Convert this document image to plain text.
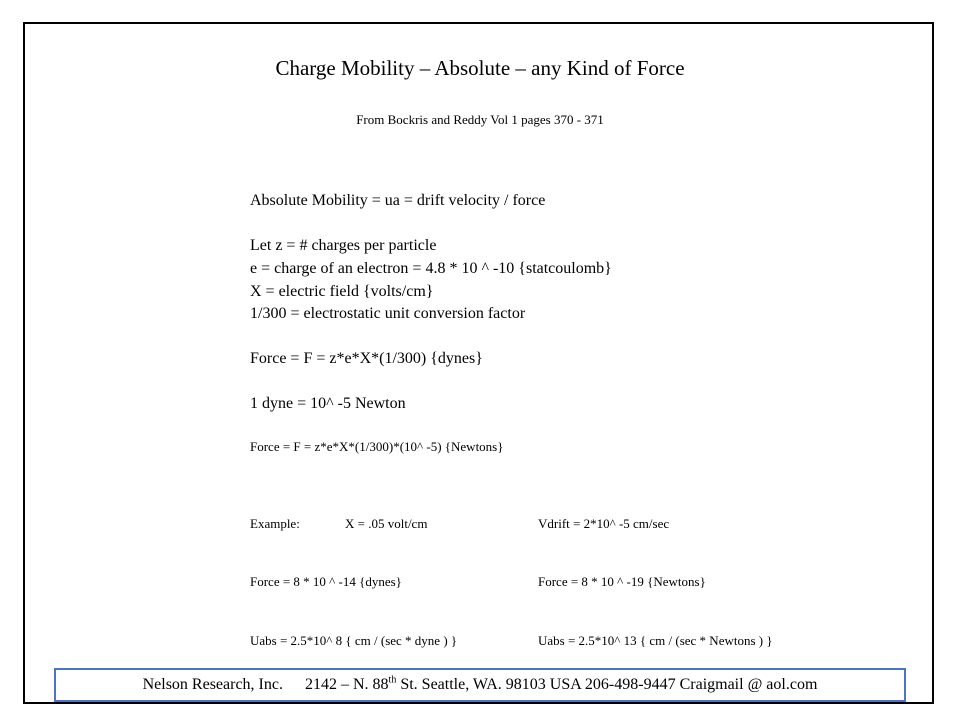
Charge Mobility – Absolute – any Kind of Force
From Bockris and Reddy Vol 1 pages 370 - 371
Absolute Mobility = ua = drift velocity / force
Let z = # charges per particle
e = charge of an electron = 4.8 * 10 ^ -10 {statcoulomb}
X = electric field {volts/cm}
1/300 = electrostatic unit conversion factor
Force = F = z*e*X*(1/300) {dynes}
1 dyne = 10^ -5 Newton
Force = F = z*e*X*(1/300)*(10^ -5) {Newtons}
Example:	X = .05 volt/cm	Vdrift = 2*10^ -5 cm/sec
Force = 8 * 10 ^ -14 {dynes}	Force = 8 * 10 ^ -19 {Newtons}
Uabs = 2.5*10^ 8 { cm / (sec * dyne ) }	Uabs = 2.5*10^ 13 { cm / (sec * Newtons ) }
Nelson Research, Inc. 2142 – N. 88th St. Seattle, WA. 98103 USA 206-498-9447 Craigmail @ aol.com
